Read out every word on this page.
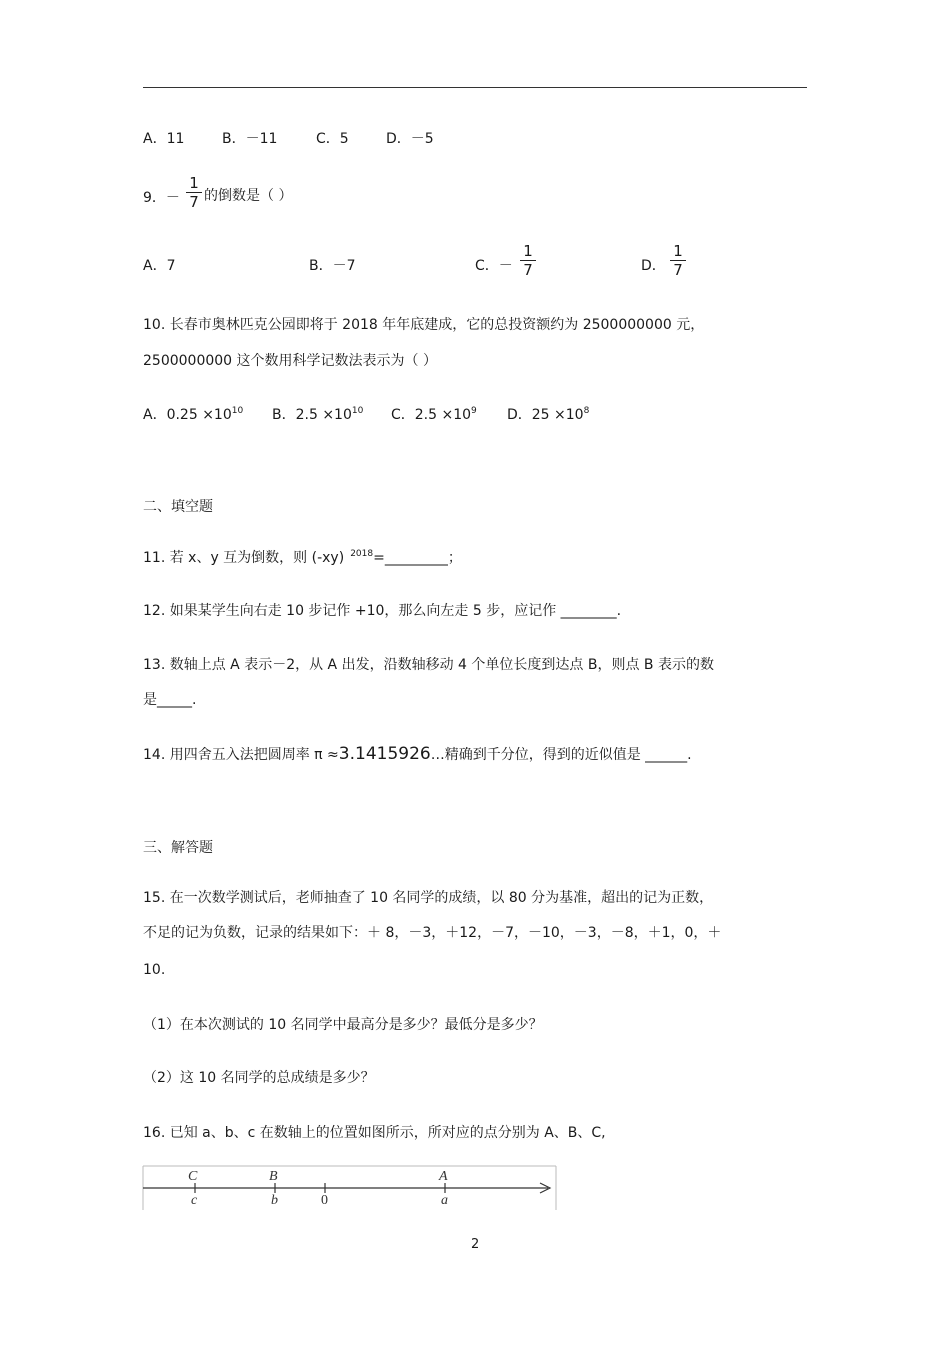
A．11	B．－11	C．5	D．－5
9．－ $\frac{1}{7}$ 的倒数是（ ）
A．7	B．－7	C．－ $\frac{1}{7}$	D． $\frac{1}{7}$
10. 长春市奥林匹克公园即将于 2018 年年底建成，它的总投资额约为 2500000000 元，
2500000000 这个数用科学记数法表示为（ ）
A．$0.25 \times 10^{10}$ B．$2.5 \times 10^{10}$ C．$2.5 \times 10^9$ D．$25 \times 10^8$
二、填空题
11. 若 x、y 互为倒数，则 (-xy) $^{2018}$=_________；
12. 如果某学生向右走 10 步记作 +10，那么向左走 5 步，应记作 ________.
13. 数轴上点 A 表示－2，从 A 出发，沿数轴移动 4 个单位长度到达点 B，则点 B 表示的数
是_____.
14. 用四舍五入法把圆周率 π ≈3.1415926…精确到千分位，得到的近似值是 ______.
三、解答题
15. 在一次数学测试后，老师抽查了 10 名同学的成绩，以 80 分为基准，超出的记为正数，
不足的记为负数，记录的结果如下：＋ 8，－3，＋12，－7，－10，－3，－8，＋1，0，＋
10.
（1）在本次测试的 10 名同学中最高分是多少？最低分是多少？
（2）这 10 名同学的总成绩是多少？
16. 已知 a、b、c 在数轴上的位置如图所示，所对应的点分别为 A、B、C,
C	B	A
c	b	0	a
2
